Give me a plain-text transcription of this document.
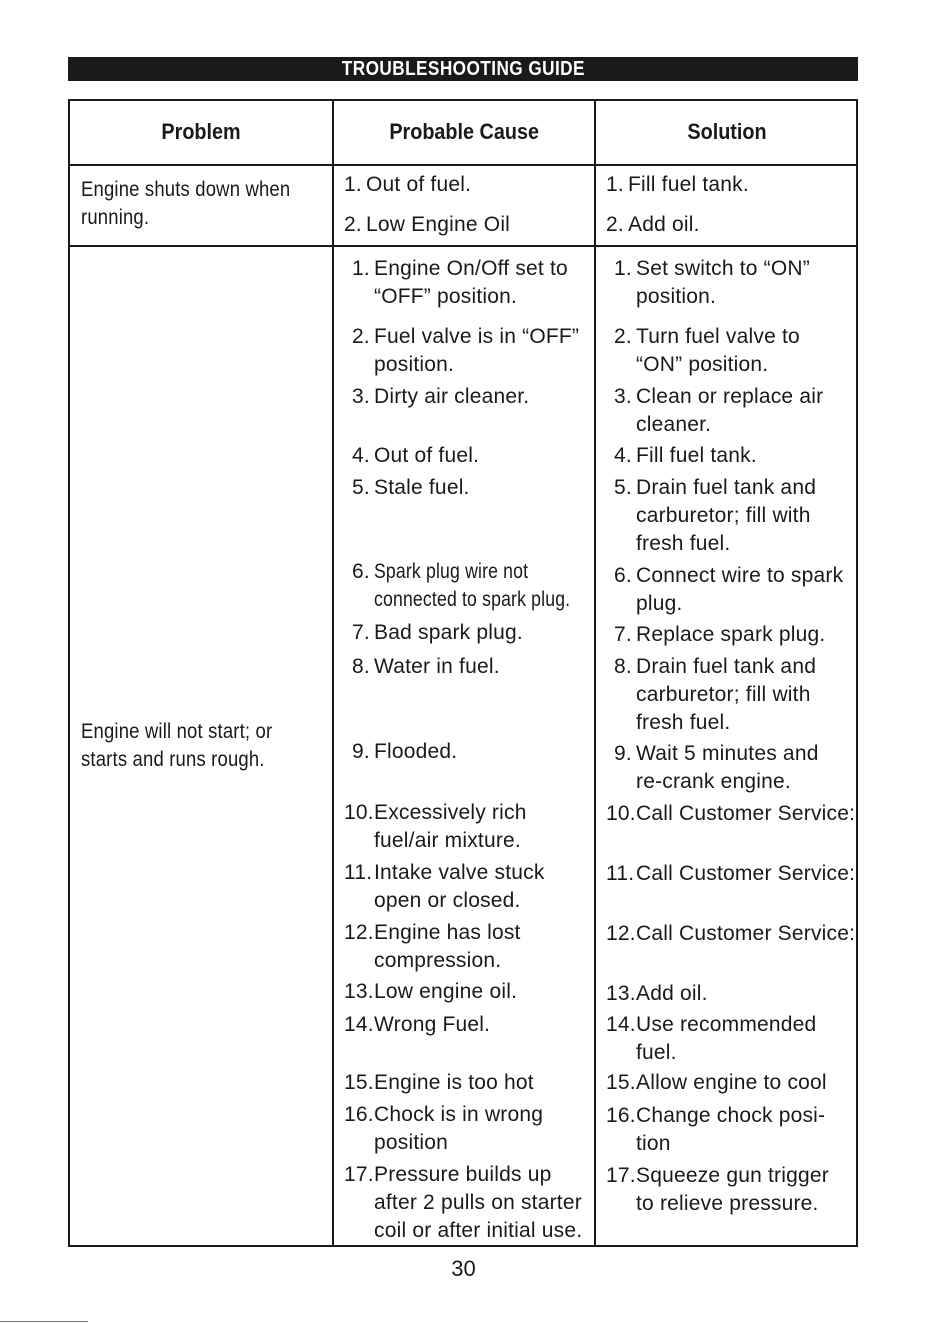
TROUBLESHOOTING GUIDE
Problem	Probable Cause	Solution
Engine shuts down when
running.
Engine will not start; or
starts and runs rough.
1. Out of fuel.
2. Low Engine Oil
1. Engine On/Off set to
“OFF” position.
2. Fuel valve is in “OFF”
position.
3. Dirty air cleaner.
4. Out of fuel.
5. Stale fuel.
6. Spark plug wire not
connected to spark plug.
7. Bad spark plug.
8. Water in fuel.
9. Flooded.
10. Excessively rich
fuel/air mixture.
11. Intake valve stuck
open or closed.
12. Engine has lost
compression.
13. Low engine oil.
14. Wrong Fuel.
15. Engine is too hot
16. Chock is in wrong
position
17. Pressure builds up
after 2 pulls on starter
coil or after initial use.
1. Fill fuel tank.
2. Add oil.
1. Set switch to “ON”
position.
2. Turn fuel valve to
“ON” position.
3. Clean or replace air
cleaner.
4. Fill fuel tank.
5. Drain fuel tank and
carburetor; fill with
fresh fuel.
6. Connect wire to spark
plug.
7. Replace spark plug.
8. Drain fuel tank and
carburetor; fill with
fresh fuel.
9. Wait 5 minutes and
re-crank engine.
10. Call Customer Service:
11. Call Customer Service:
12. Call Customer Service:
13. Add oil.
14. Use recommended
fuel.
15. Allow engine to cool
16. Change chock posi-
tion
17. Squeeze gun trigger
to relieve pressure.
30
